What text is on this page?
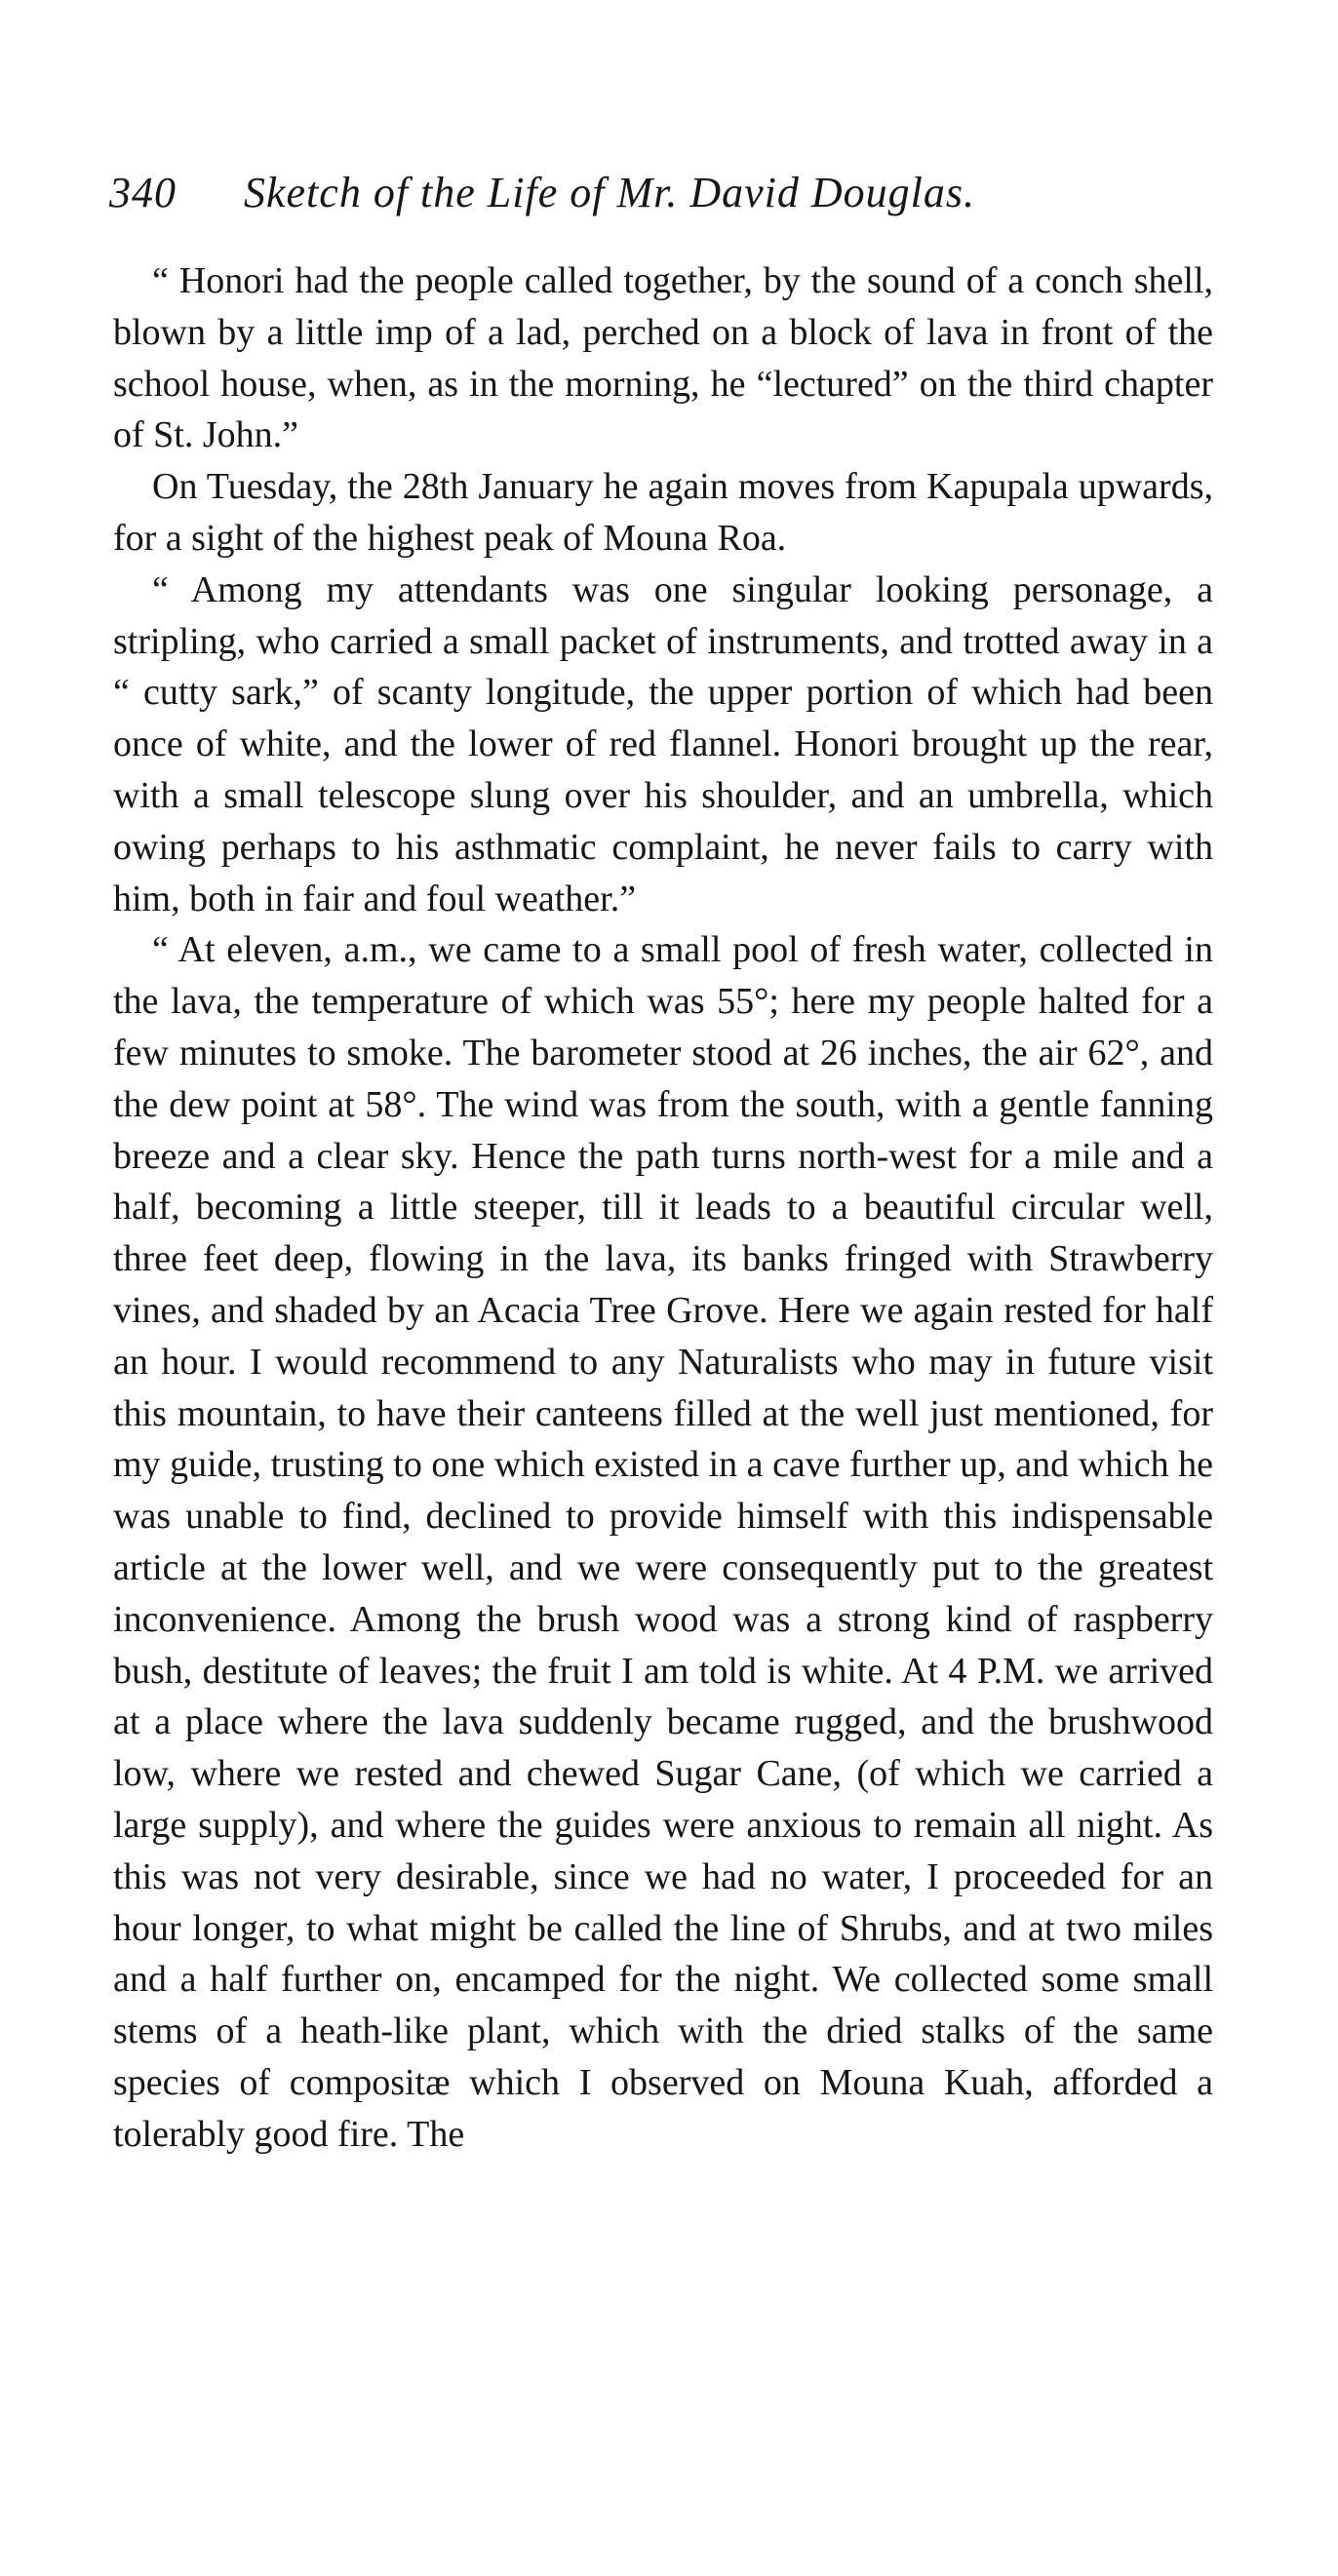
340 Sketch of the Life of Mr. David Douglas.

“ Honori had the people called together, by the sound of a conch shell, blown by a little imp of a lad, perched on a block of lava in front of the school house, when, as in the morning, he “lectured” on the third chapter of St. John.”

On Tuesday, the 28th January he again moves from Kapupala upwards, for a sight of the highest peak of Mouna Roa.

“ Among my attendants was one singular looking personage, a stripling, who carried a small packet of instruments, and trotted away in a “ cutty sark,” of scanty longitude, the upper portion of which had been once of white, and the lower of red flannel. Honori brought up the rear, with a small telescope slung over his shoulder, and an umbrella, which owing perhaps to his asthmatic complaint, he never fails to carry with him, both in fair and foul weather.”

“ At eleven, a.m., we came to a small pool of fresh water, collected in the lava, the temperature of which was 55°; here my people halted for a few minutes to smoke. The barometer stood at 26 inches, the air 62°, and the dew point at 58°. The wind was from the south, with a gentle fanning breeze and a clear sky. Hence the path turns north-west for a mile and a half, becoming a little steeper, till it leads to a beautiful circular well, three feet deep, flowing in the lava, its banks fringed with Strawberry vines, and shaded by an Acacia Tree Grove. Here we again rested for half an hour. I would recommend to any Naturalists who may in future visit this mountain, to have their canteens filled at the well just mentioned, for my guide, trusting to one which existed in a cave further up, and which he was unable to find, declined to provide himself with this indispensable article at the lower well, and we were consequently put to the greatest inconvenience. Among the brush wood was a strong kind of raspberry bush, destitute of leaves; the fruit I am told is white. At 4 P.M. we arrived at a place where the lava suddenly became rugged, and the brushwood low, where we rested and chewed Sugar Cane, (of which we carried a large supply), and where the guides were anxious to remain all night. As this was not very desirable, since we had no water, I proceeded for an hour longer, to what might be called the line of Shrubs, and at two miles and a half further on, encamped for the night. We collected some small stems of a heath-like plant, which with the dried stalks of the same species of compositæ which I observed on Mouna Kuah, afforded a tolerably good fire. The
